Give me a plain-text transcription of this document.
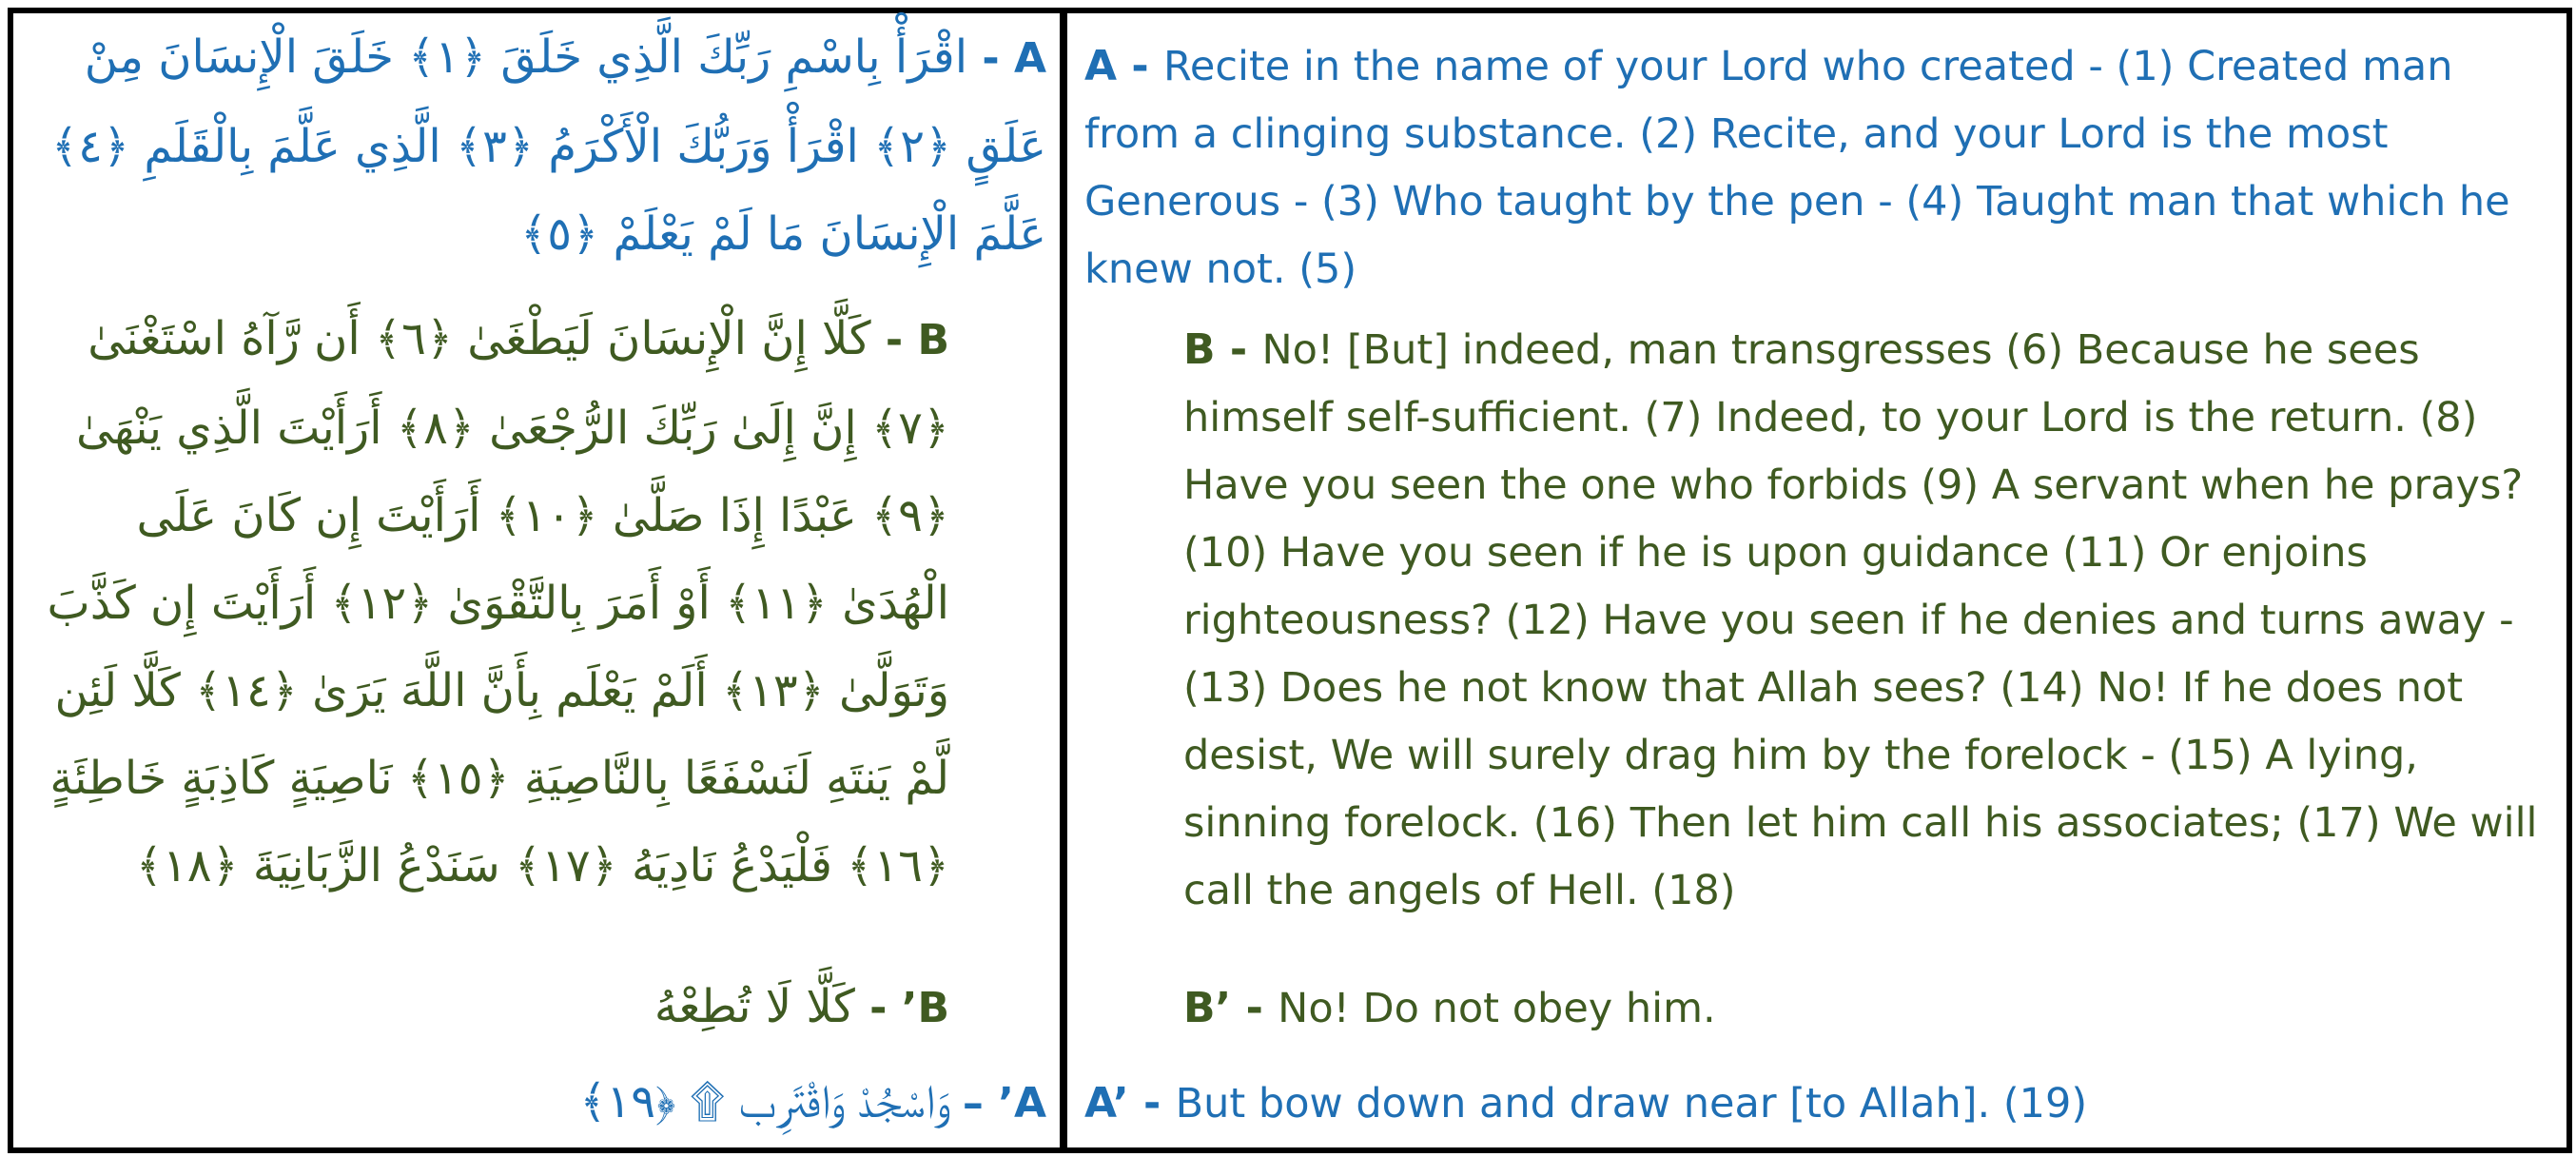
A - اقْرَأْ بِاسْمِ رَبِّكَ الَّذِي خَلَقَ ﴿١﴾ خَلَقَ الْإِنسَانَ مِنْ عَلَقٍ ﴿٢﴾ اقْرَأْ وَرَبُّكَ الْأَكْرَمُ ﴿٣﴾ الَّذِي عَلَّمَ بِالْقَلَمِ ﴿٤﴾ عَلَّمَ الْإِنسَانَ مَا لَمْ يَعْلَمْ ﴿٥﴾
B - كَلَّا إِنَّ الْإِنسَانَ لَيَطْغَىٰ ﴿٦﴾ أَن رَّآهُ اسْتَغْنَىٰ ﴿٧﴾ إِنَّ إِلَىٰ رَبِّكَ الرُّجْعَىٰ ﴿٨﴾ أَرَأَيْتَ الَّذِي يَنْهَىٰ ﴿٩﴾ عَبْدًا إِذَا صَلَّىٰ ﴿١٠﴾ أَرَأَيْتَ إِن كَانَ عَلَى الْهُدَىٰ ﴿١١﴾ أَوْ أَمَرَ بِالتَّقْوَىٰ ﴿١٢﴾ أَرَأَيْتَ إِن كَذَّبَ وَتَوَلَّىٰ ﴿١٣﴾ أَلَمْ يَعْلَم بِأَنَّ اللَّهَ يَرَىٰ ﴿١٤﴾ كَلَّا لَئِن لَّمْ يَنتَهِ لَنَسْفَعًا بِالنَّاصِيَةِ ﴿١٥﴾ نَاصِيَةٍ كَاذِبَةٍ خَاطِئَةٍ ﴿١٦﴾ فَلْيَدْعُ نَادِيَهُ ﴿١٧﴾ سَنَدْعُ الزَّبَانِيَةَ ﴿١٨﴾
B’ - كَلَّا لَا تُطِعْهُ
A’ – وَاسْجُدْ وَاقْتَرِب ۩ ﴿١٩﴾
A - Recite in the name of your Lord who created - (1) Created man from a clinging substance. (2) Recite, and your Lord is the most Generous - (3) Who taught by the pen - (4) Taught man that which he knew not. (5)
B - No! [But] indeed, man transgresses (6) Because he sees himself self-sufficient. (7) Indeed, to your Lord is the return. (8) Have you seen the one who forbids (9) A servant when he prays? (10) Have you seen if he is upon guidance (11) Or enjoins righteousness? (12) Have you seen if he denies and turns away - (13) Does he not know that Allah sees? (14) No! If he does not desist, We will surely drag him by the forelock - (15) A lying, sinning forelock. (16) Then let him call his associates; (17) We will call the angels of Hell. (18)
B’ - No! Do not obey him.
A’ - But bow down and draw near [to Allah]. (19)
